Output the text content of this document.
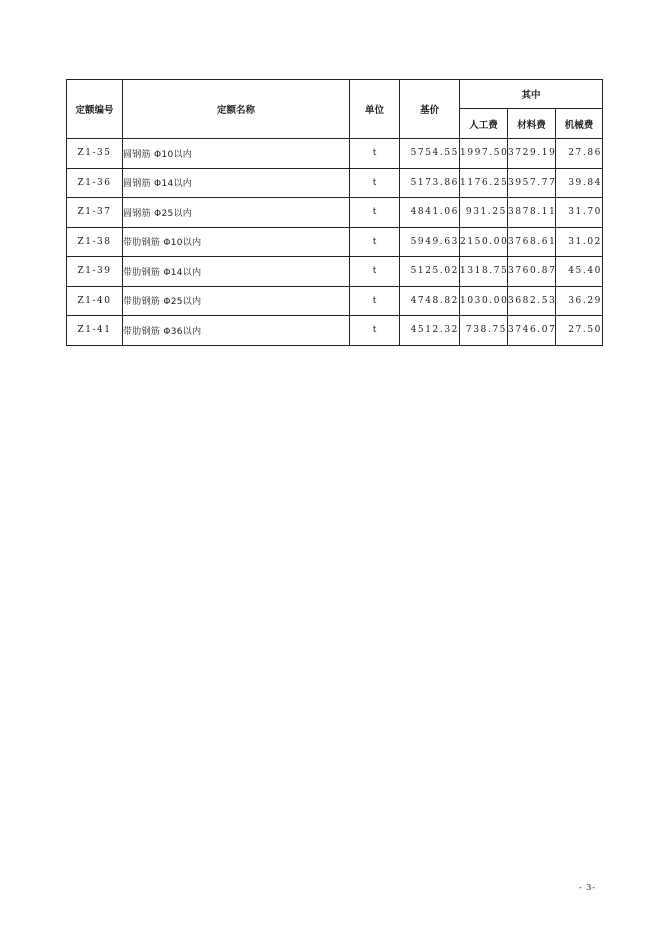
定额编号	定额名称	单位	基价	其中		
				人工费	材料费	机械费
Z1-35	圆钢筋 Φ10以内	t	5754.55	1997.50	3729.19	27.86
Z1-36	圆钢筋 Φ14以内	t	5173.86	1176.25	3957.77	39.84
Z1-37	圆钢筋 Φ25以内	t	4841.06	931.25	3878.11	31.70
Z1-38	带肋钢筋 Φ10以内	t	5949.63	2150.00	3768.61	31.02
Z1-39	带肋钢筋 Φ14以内	t	5125.02	1318.75	3760.87	45.40
Z1-40	带肋钢筋 Φ25以内	t	4748.82	1030.00	3682.53	36.29
Z1-41	带肋钢筋 Φ36以内	t	4512.32	738.75	3746.07	27.50
- 3-
